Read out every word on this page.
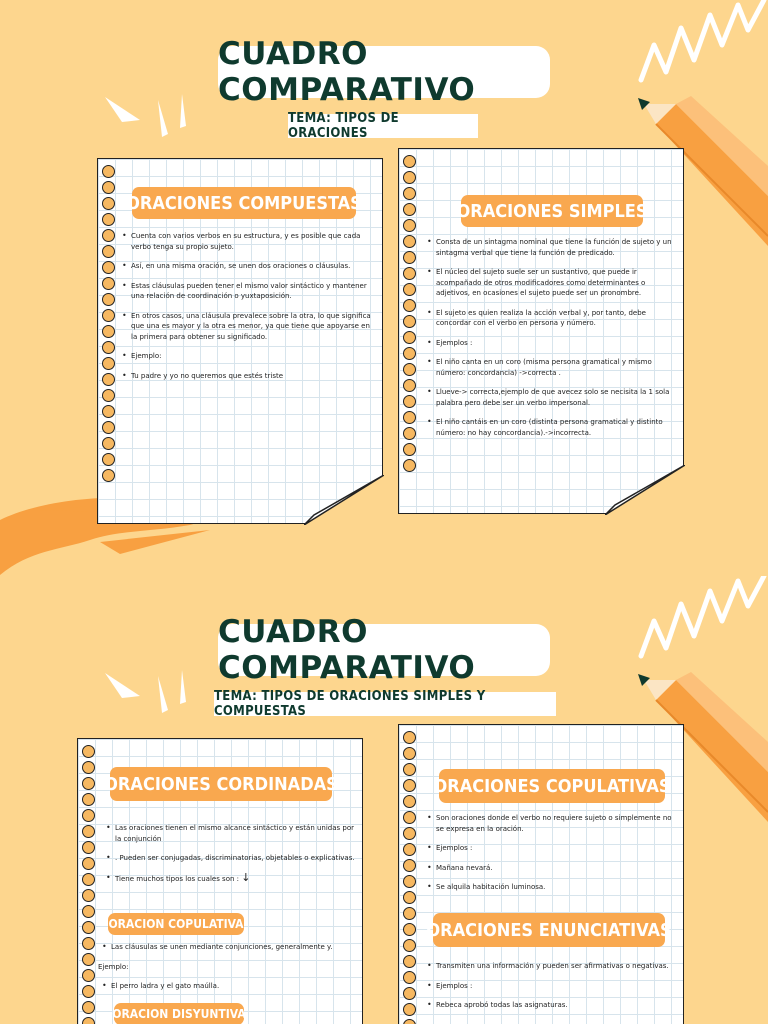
CUADRO COMPARATIVO
TEMA: TIPOS DE ORACIONES
ORACIONES COMPUESTAS
• Cuenta con varios verbos en su estructura, y es posible que cada verbo tenga su propio sujeto.
• Así, en una misma oración, se unen dos oraciones o cláusulas.
• Estas cláusulas pueden tener el mismo valor sintáctico y mantener una relación de coordinación o yuxtaposición.
• En otros casos, una cláusula prevalece sobre la otra, lo que significa que una es mayor y la otra es menor, ya que tiene que apoyarse en la primera para obtener su significado.
• Ejemplo:
• Tu padre y yo no queremos que estés triste
ORACIONES SIMPLES
• Consta de un sintagma nominal que tiene la función de sujeto y un sintagma verbal que tiene la función de predicado.
• El núcleo del sujeto suele ser un sustantivo, que puede ir acompañado de otros modificadores como determinantes o adjetivos, en ocasiones el sujeto puede ser un pronombre.
• El sujeto es quien realiza la acción verbal y, por tanto, debe concordar con el verbo en persona y número.
• Ejemplos :
• El niño canta en un coro (misma persona gramatical y mismo número: concordancia) ->correcta .
• Llueve-> correcta,ejemplo de que avecez solo se necisita la 1 sola palabra pero debe ser un verbo impersonal.
• El niño cantáis en un coro (distinta persona gramatical y distinto número: no hay concordancia).->incorrecta.
CUADRO COMPARATIVO
TEMA: TIPOS DE ORACIONES SIMPLES Y COMPUESTAS
ORACIONES CORDINADAS
• Las oraciones tienen el mismo alcance sintáctico y están unidas por la conjunción
• . Pueden ser conjugadas, discriminatorias, objetables o explicativas.
• Tiene muchos tipos los cuales son : ↓
ORACION COPULATIVA
• Las cláusulas se unen mediante conjunciones, generalmente y.
Ejemplo:
• El perro ladra y el gato maúlla.
ORACION DISYUNTIVA
ORACIONES COPULATIVAS
• Son oraciones donde el verbo no requiere sujeto o simplemente no se expresa en la oración.
• Ejemplos :
• Mañana nevará.
• Se alquila habitación luminosa.
ORACIONES ENUNCIATIVAS
• Transmiten una información y pueden ser afirmativas o negativas.
• Ejemplos :
• Rebeca aprobó todas las asignaturas.
